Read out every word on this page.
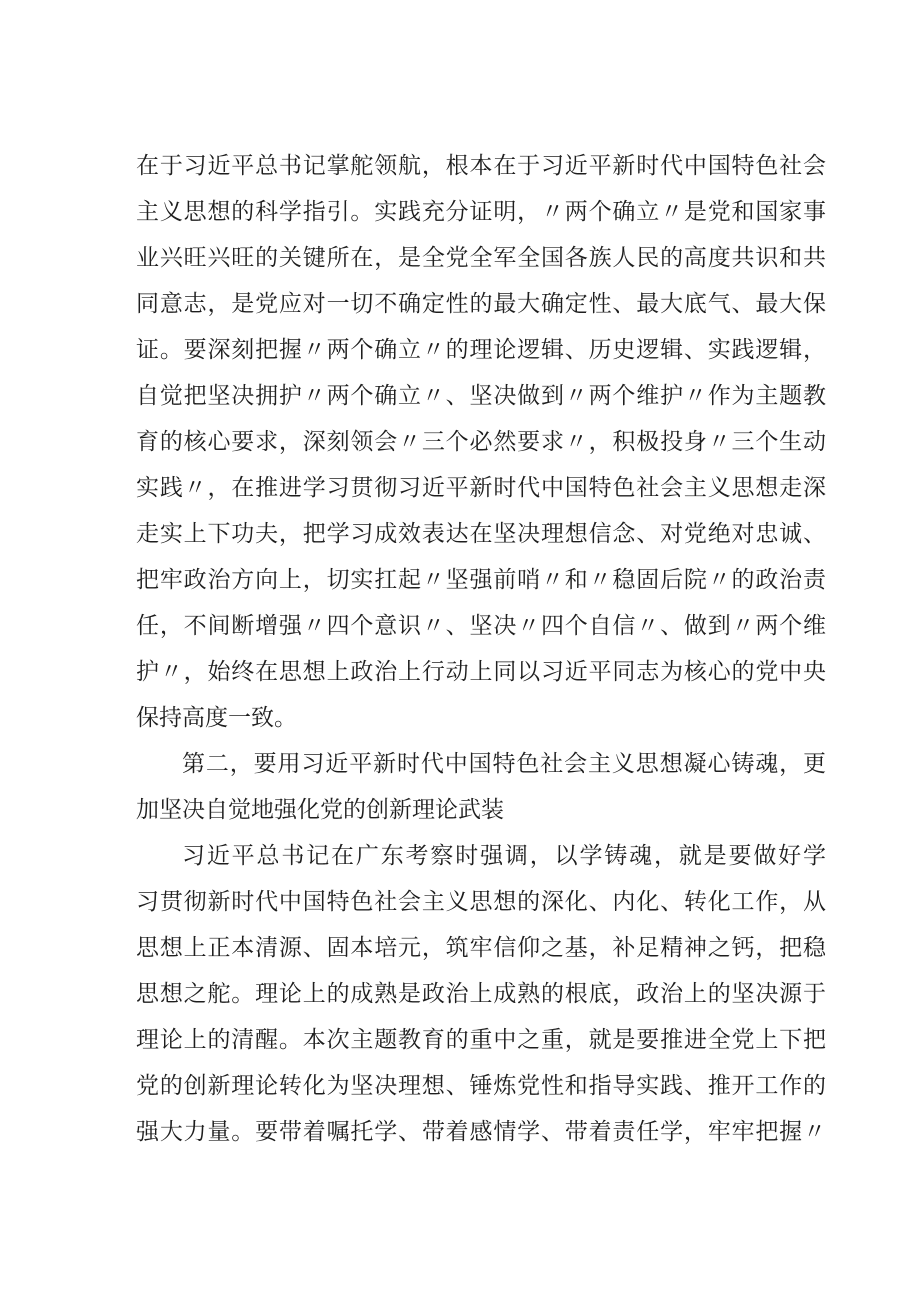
在于习近平总书记掌舵领航，根本在于习近平新时代中国特色社会
主义思想的科学指引。实践充分证明，〃两个确立〃是党和国家事
业兴旺兴旺的关键所在，是全党全军全国各族人民的高度共识和共
同意志，是党应对一切不确定性的最大确定性、最大底气、最大保
证。要深刻把握〃两个确立〃的理论逻辑、历史逻辑、实践逻辑，
自觉把坚决拥护〃两个确立〃、坚决做到〃两个维护〃作为主题教
育的核心要求，深刻领会〃三个必然要求〃，积极投身〃三个生动
实践〃，在推进学习贯彻习近平新时代中国特色社会主义思想走深
走实上下功夫，把学习成效表达在坚决理想信念、对党绝对忠诚、
把牢政治方向上，切实扛起〃坚强前哨〃和〃稳固后院〃的政治责
任，不间断增强〃四个意识〃、坚决〃四个自信〃、做到〃两个维
护〃，始终在思想上政治上行动上同以习近平同志为核心的党中央
保持高度一致。
第二，要用习近平新时代中国特色社会主义思想凝心铸魂，更
加坚决自觉地强化党的创新理论武装
习近平总书记在广东考察时强调，以学铸魂，就是要做好学
习贯彻新时代中国特色社会主义思想的深化、内化、转化工作，从
思想上正本清源、固本培元，筑牢信仰之基，补足精神之钙，把稳
思想之舵。理论上的成熟是政治上成熟的根底，政治上的坚决源于
理论上的清醒。本次主题教育的重中之重，就是要推进全党上下把
党的创新理论转化为坚决理想、锤炼党性和指导实践、推开工作的
强大力量。要带着嘱托学、带着感情学、带着责任学，牢牢把握〃
